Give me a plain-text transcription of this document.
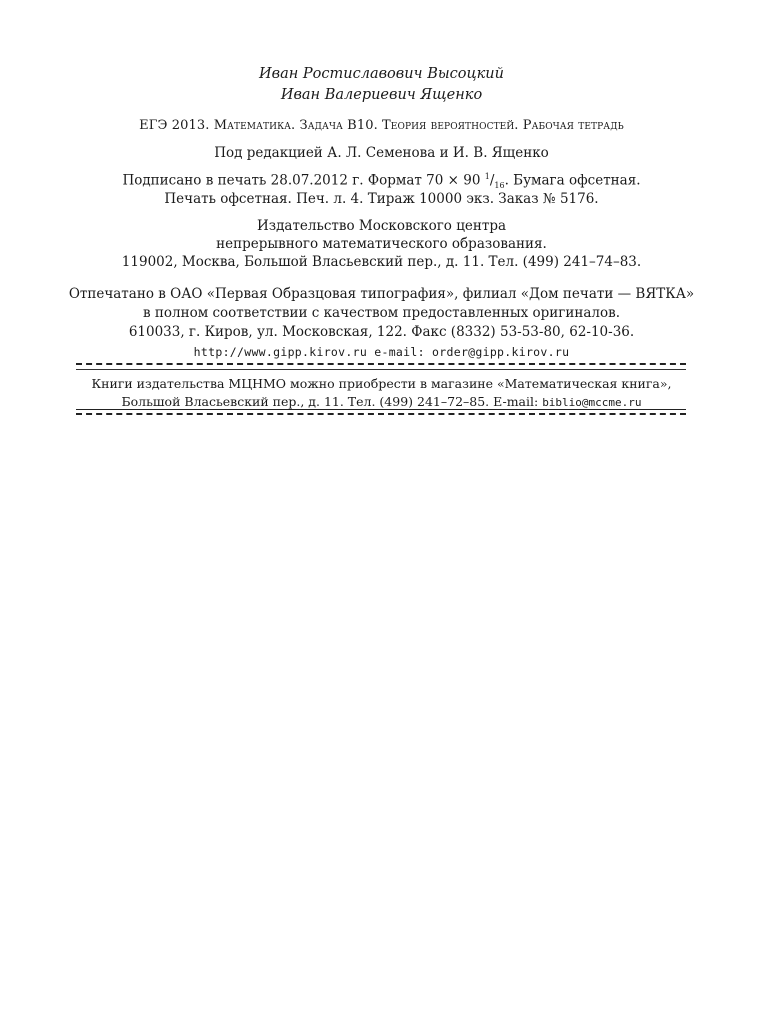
Иван Ростиславович Высоцкий
Иван Валериевич Ященко
ЕГЭ 2013. Математика. Задача B10. Теория вероятностей. Рабочая тетрадь
Под редакцией А. Л. Семенова и И. В. Ященко
Подписано в печать 28.07.2012 г. Формат 70 × 90 $^1/_{16}$. Бумага офсетная.
Печать офсетная. Печ. л. 4. Тираж 10000 экз. Заказ № 5176.
Издательство Московского центра
непрерывного математического образования.
119002, Москва, Большой Власьевский пер., д. 11. Тел. (499) 241–74–83.
Отпечатано в ОАО «Первая Образцовая типография», филиал «Дом печати — ВЯТКА»
в полном соответствии с качеством предоставленных оригиналов.
610033, г. Киров, ул. Московская, 122. Факс (8332) 53-53-80, 62-10-36.
http://www.gipp.kirov.ru e-mail: order@gipp.kirov.ru
Книги издательства МЦНМО можно приобрести в магазине «Математическая книга»,
Большой Власьевский пер., д. 11. Тел. (499) 241–72–85. E-mail: biblio@mccme.ru
